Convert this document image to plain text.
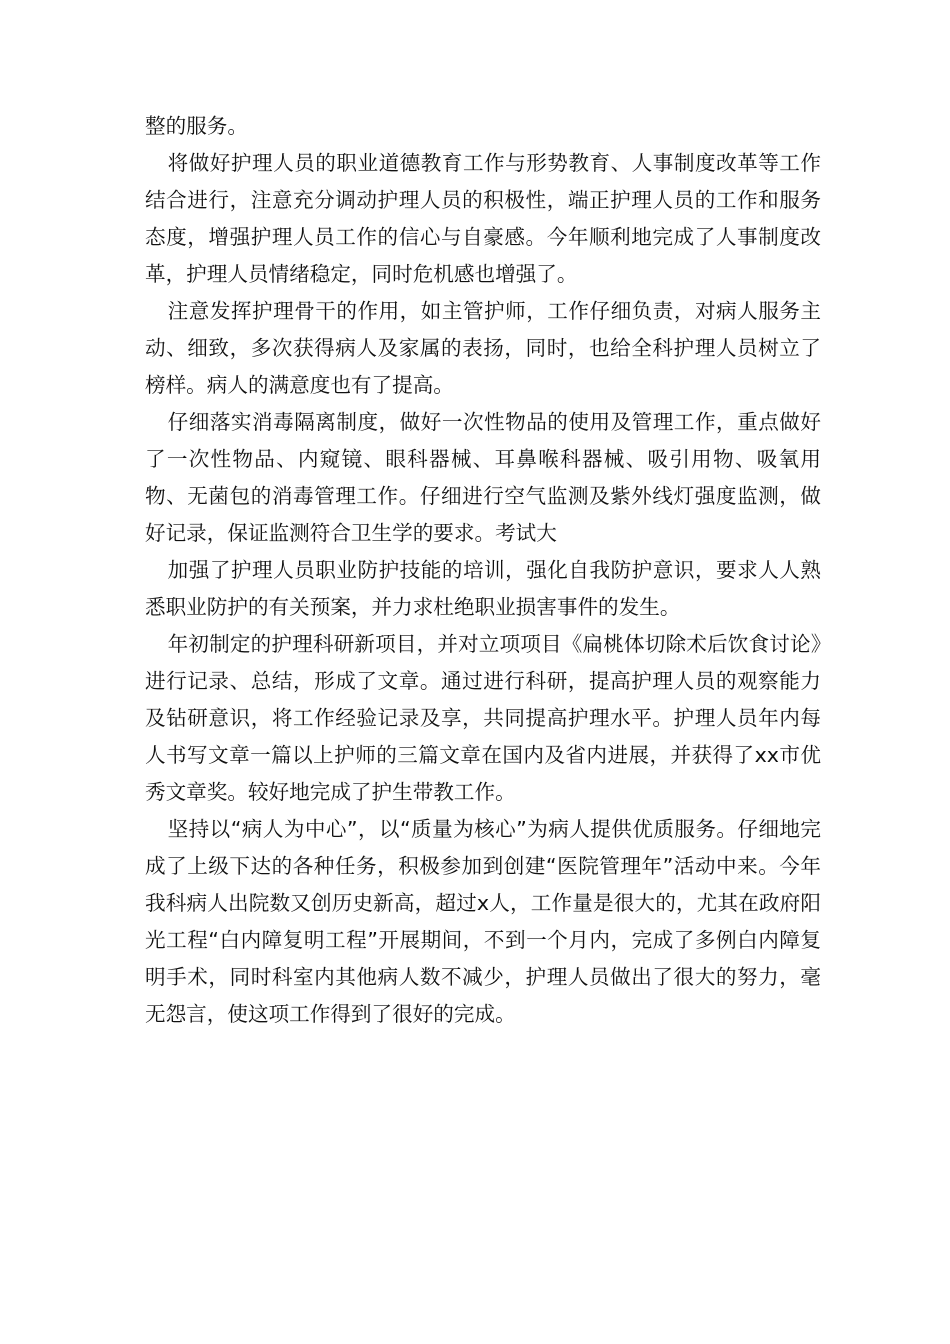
整的服务。

将做好护理人员的职业道德教育工作与形势教育、人事制度改革等工作结合进行，注意充分调动护理人员的积极性，端正护理人员的工作和服务态度，增强护理人员工作的信心与自豪感。今年顺利地完成了人事制度改革，护理人员情绪稳定，同时危机感也增强了。

注意发挥护理骨干的作用，如主管护师，工作仔细负责，对病人服务主动、细致，多次获得病人及家属的表扬，同时，也给全科护理人员树立了榜样。病人的满意度也有了提高。

仔细落实消毒隔离制度，做好一次性物品的使用及管理工作，重点做好了一次性物品、内窥镜、眼科器械、耳鼻喉科器械、吸引用物、吸氧用物、无菌包的消毒管理工作。仔细进行空气监测及紫外线灯强度监测，做好记录，保证监测符合卫生学的要求。考试大

加强了护理人员职业防护技能的培训，强化自我防护意识，要求人人熟悉职业防护的有关预案，并力求杜绝职业损害事件的发生。

年初制定的护理科研新项目，并对立项项目《扁桃体切除术后饮食讨论》进行记录、总结，形成了文章。通过进行科研，提高护理人员的观察能力及钻研意识，将工作经验记录及享，共同提高护理水平。护理人员年内每人书写文章一篇以上护师的三篇文章在国内及省内进展，并获得了xx市优秀文章奖。较好地完成了护生带教工作。

坚持以“病人为中心”，以“质量为核心”为病人提供优质服务。仔细地完成了上级下达的各种任务，积极参加到创建“医院管理年”活动中来。今年我科病人出院数又创历史新高，超过x人，工作量是很大的，尤其在政府阳光工程“白内障复明工程”开展期间，不到一个月内，完成了多例白内障复明手术，同时科室内其他病人数不减少，护理人员做出了很大的努力，毫无怨言，使这项工作得到了很好的完成。
